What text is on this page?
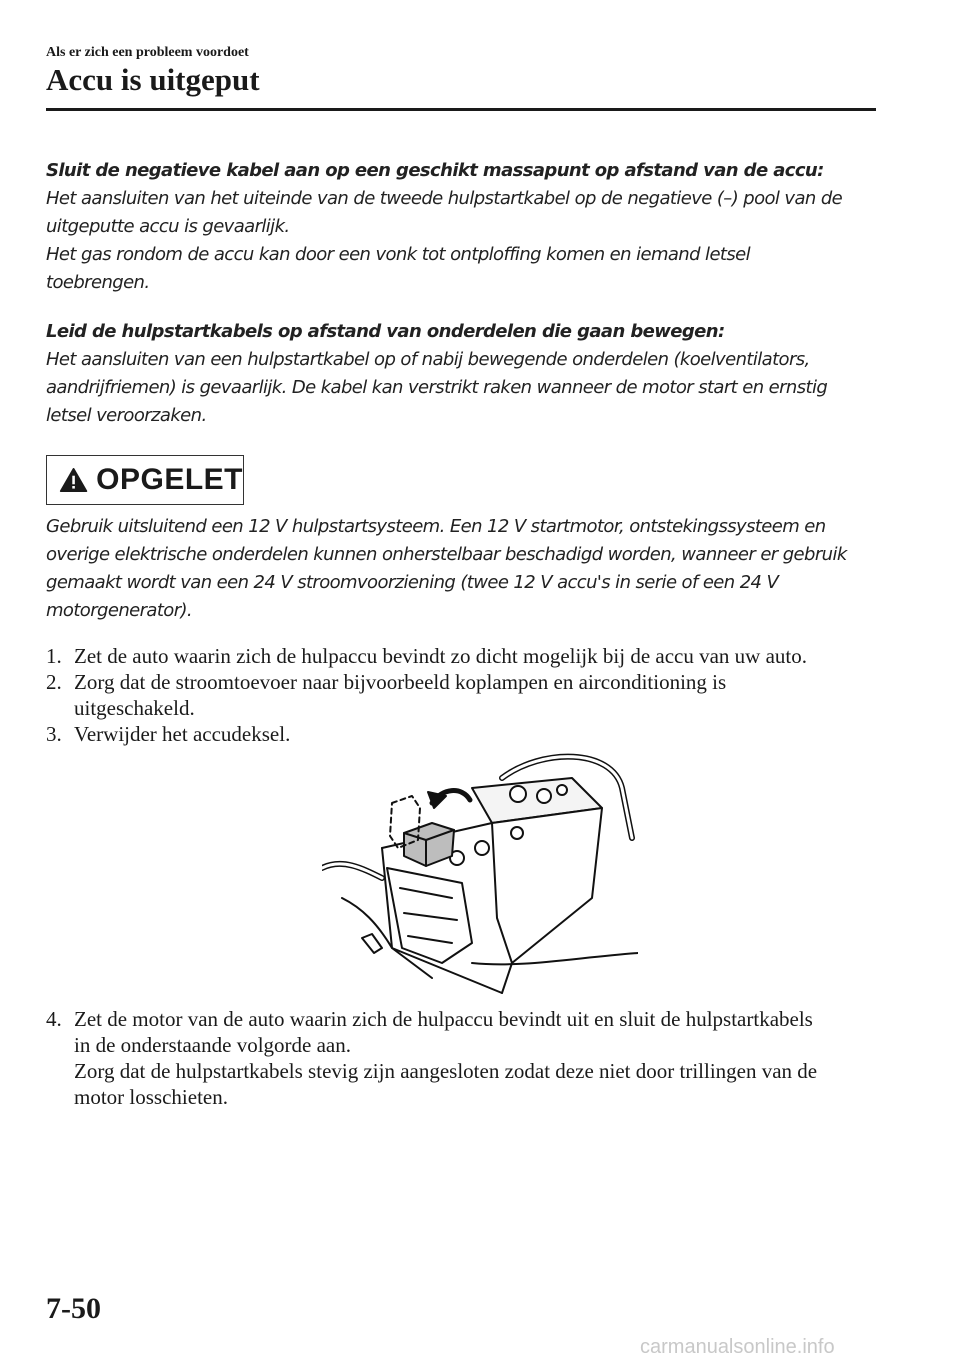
Als er zich een probleem voordoet
Accu is uitgeput
Sluit de negatieve kabel aan op een geschikt massapunt op afstand van de accu:
Het aansluiten van het uiteinde van de tweede hulpstartkabel op de negatieve (–) pool van de
uitgeputte accu is gevaarlijk.
Het gas rondom de accu kan door een vonk tot ontploffing komen en iemand letsel
toebrengen.
Leid de hulpstartkabels op afstand van onderdelen die gaan bewegen:
Het aansluiten van een hulpstartkabel op of nabij bewegende onderdelen (koelventilators,
aandrijfriemen) is gevaarlijk. De kabel kan verstrikt raken wanneer de motor start en ernstig
letsel veroorzaken.
OPGELET
Gebruik uitsluitend een 12 V hulpstartsysteem. Een 12 V startmotor, ontstekingssysteem en overige elektrische onderdelen kunnen onherstelbaar beschadigd worden, wanneer er gebruik gemaakt wordt van een 24 V stroomvoorziening (twee 12 V accu's in serie of een 24 V motorgenerator).
1. Zet de auto waarin zich de hulpaccu bevindt zo dicht mogelijk bij de accu van uw auto.
2. Zorg dat de stroomtoevoer naar bijvoorbeeld koplampen en airconditioning is
uitgeschakeld.
3. Verwijder het accudeksel.
4. Zet de motor van de auto waarin zich de hulpaccu bevindt uit en sluit de hulpstartkabels
in de onderstaande volgorde aan.
Zorg dat de hulpstartkabels stevig zijn aangesloten zodat deze niet door trillingen van de
motor losschieten.
7-50
carmanualsonline.info
